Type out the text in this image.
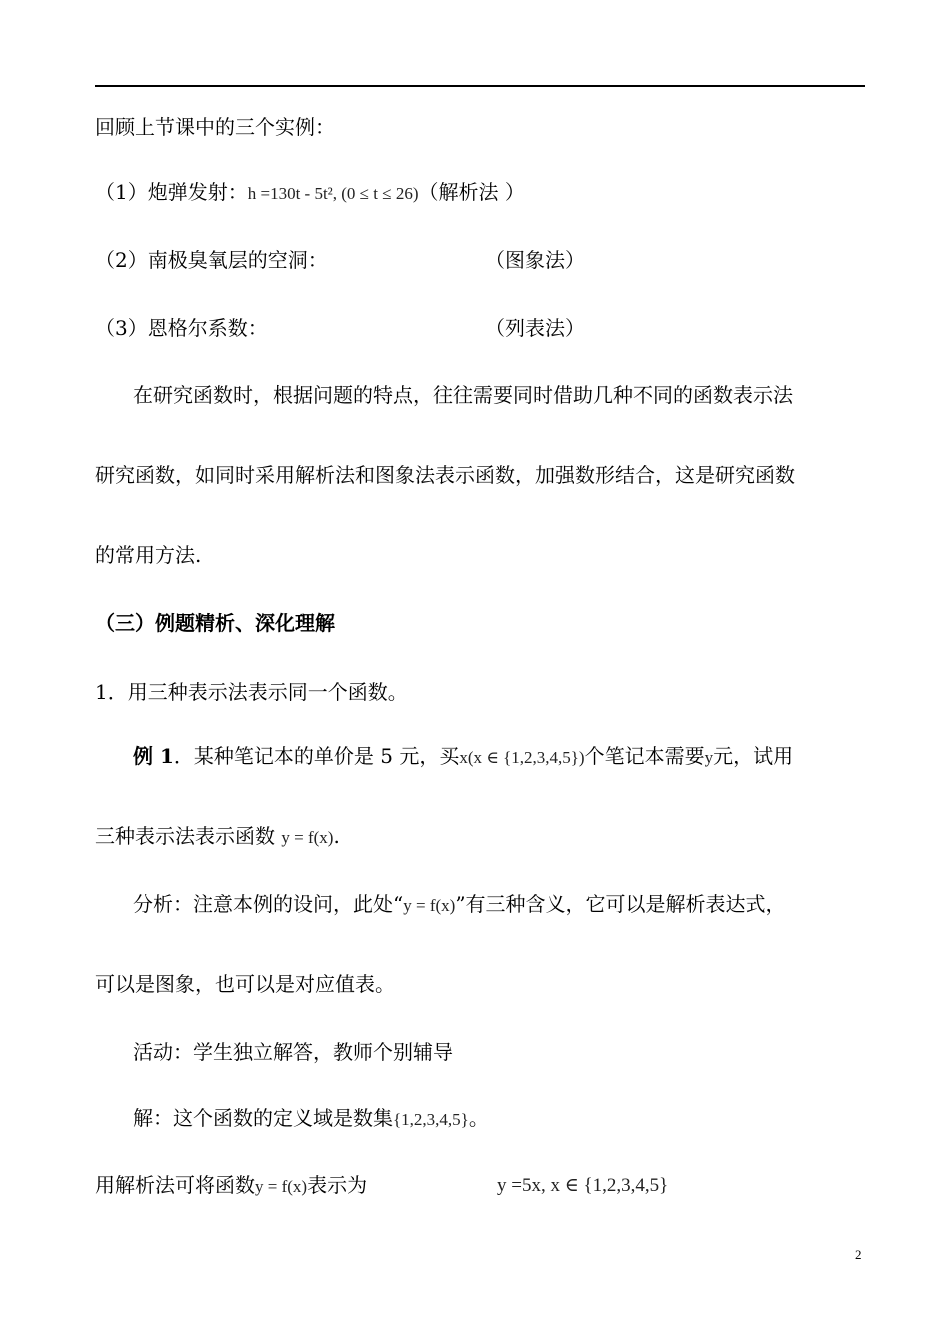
回顾上节课中的三个实例：
（1）炮弹发射：h =130t - 5t², (0 ≤ t ≤ 26)（解析法 ）
（2）南极臭氧层的空洞：	（图象法）
（3）恩格尔系数：	（列表法）
在研究函数时，根据问题的特点，往往需要同时借助几种不同的函数表示法
研究函数，如同时采用解析法和图象法表示函数，加强数形结合，这是研究函数
的常用方法.
（三）例题精析、深化理解
1．用三种表示法表示同一个函数。
例 1．某种笔记本的单价是 5 元，买x(x ∈ {1,2,3,4,5})个笔记本需要y元，试用
三种表示法表示函数 y = f(x).
分析：注意本例的设问，此处“y = f(x)”有三种含义，它可以是解析表达式，
可以是图象，也可以是对应值表。
活动：学生独立解答，教师个别辅导
解：这个函数的定义域是数集{1,2,3,4,5}。
用解析法可将函数y = f(x)表示为	y =5x, x ∈ {1,2,3,4,5}
2
